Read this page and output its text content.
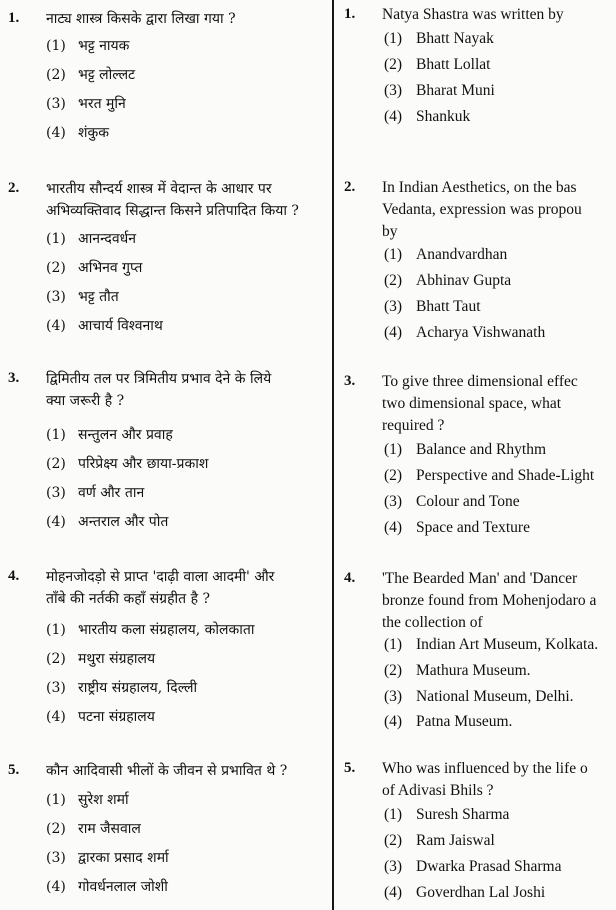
1. नाट्य शास्त्र किसके द्वारा लिखा गया ?
(1) भट्ट नायक
(2) भट्ट लोल्लट
(3) भरत मुनि
(4) शंकुक
2. भारतीय सौन्दर्य शास्त्र में वेदान्त के आधार पर
अभिव्यक्तिवाद सिद्धान्त किसने प्रतिपादित किया ?
(1) आनन्दवर्धन
(2) अभिनव गुप्त
(3) भट्ट तौत
(4) आचार्य विश्वनाथ
3. द्विमितीय तल पर त्रिमितीय प्रभाव देने के लिये
क्या जरूरी है ?
(1) सन्तुलन और प्रवाह
(2) परिप्रेक्ष्य और छाया-प्रकाश
(3) वर्ण और तान
(4) अन्तराल और पोत
4. मोहनजोदड़ो से प्राप्त 'दाढ़ी वाला आदमी' और
ताँबे की नर्तकी कहाँ संग्रहीत है ?
(1) भारतीय कला संग्रहालय, कोलकाता
(2) मथुरा संग्रहालय
(3) राष्ट्रीय संग्रहालय, दिल्ली
(4) पटना संग्रहालय
5. कौन आदिवासी भीलों के जीवन से प्रभावित थे ?
(1) सुरेश शर्मा
(2) राम जैसवाल
(3) द्वारका प्रसाद शर्मा
(4) गोवर्धनलाल जोशी
1. Natya Shastra was written by
(1) Bhatt Nayak
(2) Bhatt Lollat
(3) Bharat Muni
(4) Shankuk
2. In Indian Aesthetics, on the bas
Vedanta, expression was propou
by
(1) Anandvardhan
(2) Abhinav Gupta
(3) Bhatt Taut
(4) Acharya Vishwanath
3. To give three dimensional effec
two dimensional space, what
required ?
(1) Balance and Rhythm
(2) Perspective and Shade-Light
(3) Colour and Tone
(4) Space and Texture
4. 'The Bearded Man' and 'Dancer
bronze found from Mohenjodaro a
the collection of
(1) Indian Art Museum, Kolkata.
(2) Mathura Museum.
(3) National Museum, Delhi.
(4) Patna Museum.
5. Who was influenced by the life o
of Adivasi Bhils ?
(1) Suresh Sharma
(2) Ram Jaiswal
(3) Dwarka Prasad Sharma
(4) Goverdhan Lal Joshi
